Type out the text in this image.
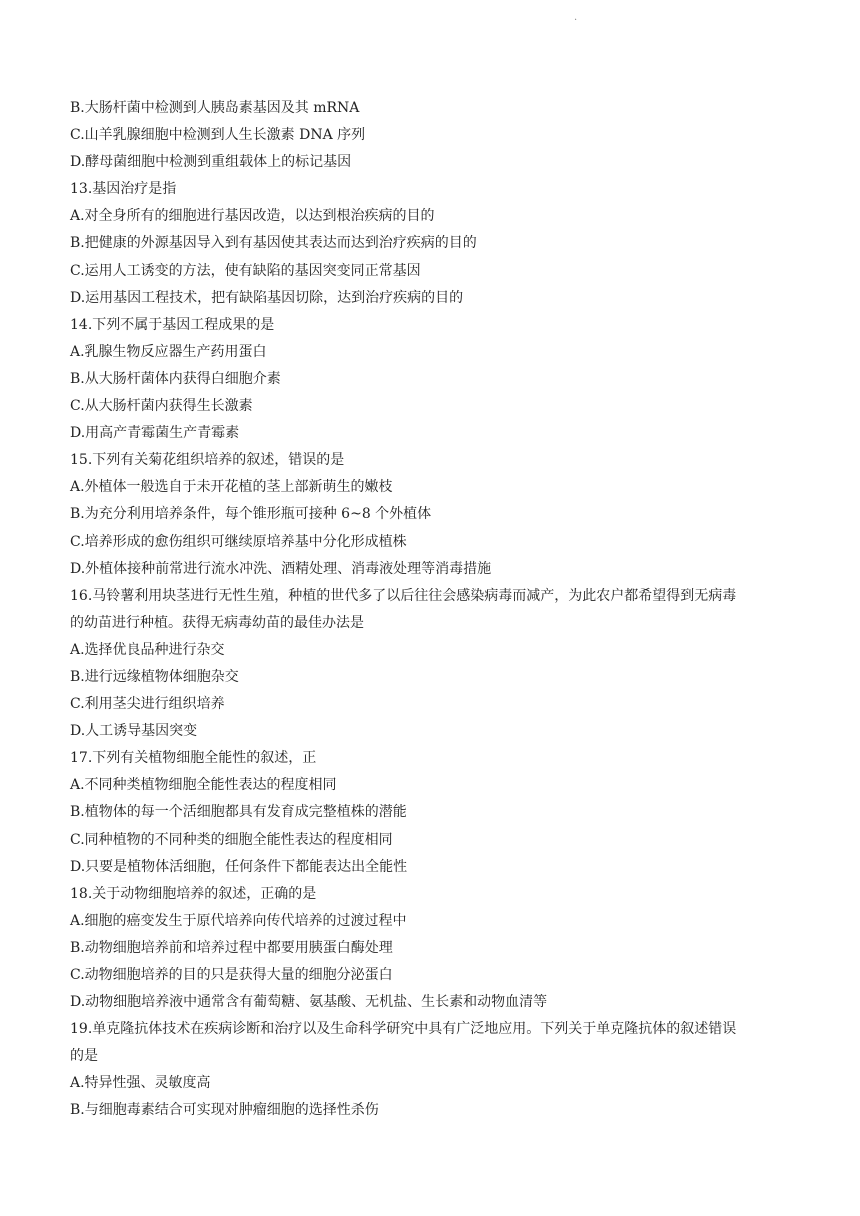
.
B.大肠杆菌中检测到人胰岛素基因及其 mRNA
C.山羊乳腺细胞中检测到人生长激素 DNA 序列
D.酵母菌细胞中检测到重组载体上的标记基因
13.基因治疗是指
A.对全身所有的细胞进行基因改造，以达到根治疾病的目的
B.把健康的外源基因导入到有基因使其表达而达到治疗疾病的目的
C.运用人工诱变的方法，使有缺陷的基因突变同正常基因
D.运用基因工程技术，把有缺陷基因切除，达到治疗疾病的目的
14.下列不属于基因工程成果的是
A.乳腺生物反应器生产药用蛋白
B.从大肠杆菌体内获得白细胞介素
C.从大肠杆菌内获得生长激素
D.用高产青霉菌生产青霉素
15.下列有关菊花组织培养的叙述，错误的是
A.外植体一般选自于未开花植的茎上部新萌生的嫩枝
B.为充分利用培养条件，每个锥形瓶可接种 6~8 个外植体
C.培养形成的愈伤组织可继续原培养基中分化形成植株
D.外植体接种前常进行流水冲洗、酒精处理、消毒液处理等消毒措施
16.马铃薯利用块茎进行无性生殖，种植的世代多了以后往往会感染病毒而减产，为此农户都希望得到无病毒
的幼苗进行种植。获得无病毒幼苗的最佳办法是
A.选择优良品种进行杂交
B.进行远缘植物体细胞杂交
C.利用茎尖进行组织培养
D.人工诱导基因突变
17.下列有关植物细胞全能性的叙述，正
A.不同种类植物细胞全能性表达的程度相同
B.植物体的每一个活细胞都具有发育成完整植株的潜能
C.同种植物的不同种类的细胞全能性表达的程度相同
D.只要是植物体活细胞，任何条件下都能表达出全能性
18.关于动物细胞培养的叙述，正确的是
A.细胞的癌变发生于原代培养向传代培养的过渡过程中
B.动物细胞培养前和培养过程中都要用胰蛋白酶处理
C.动物细胞培养的目的只是获得大量的细胞分泌蛋白
D.动物细胞培养液中通常含有葡萄糖、氨基酸、无机盐、生长素和动物血清等
19.单克隆抗体技术在疾病诊断和治疗以及生命科学研究中具有广泛地应用。下列关于单克隆抗体的叙述错误
的是
A.特异性强、灵敏度高
B.与细胞毒素结合可实现对肿瘤细胞的选择性杀伤
